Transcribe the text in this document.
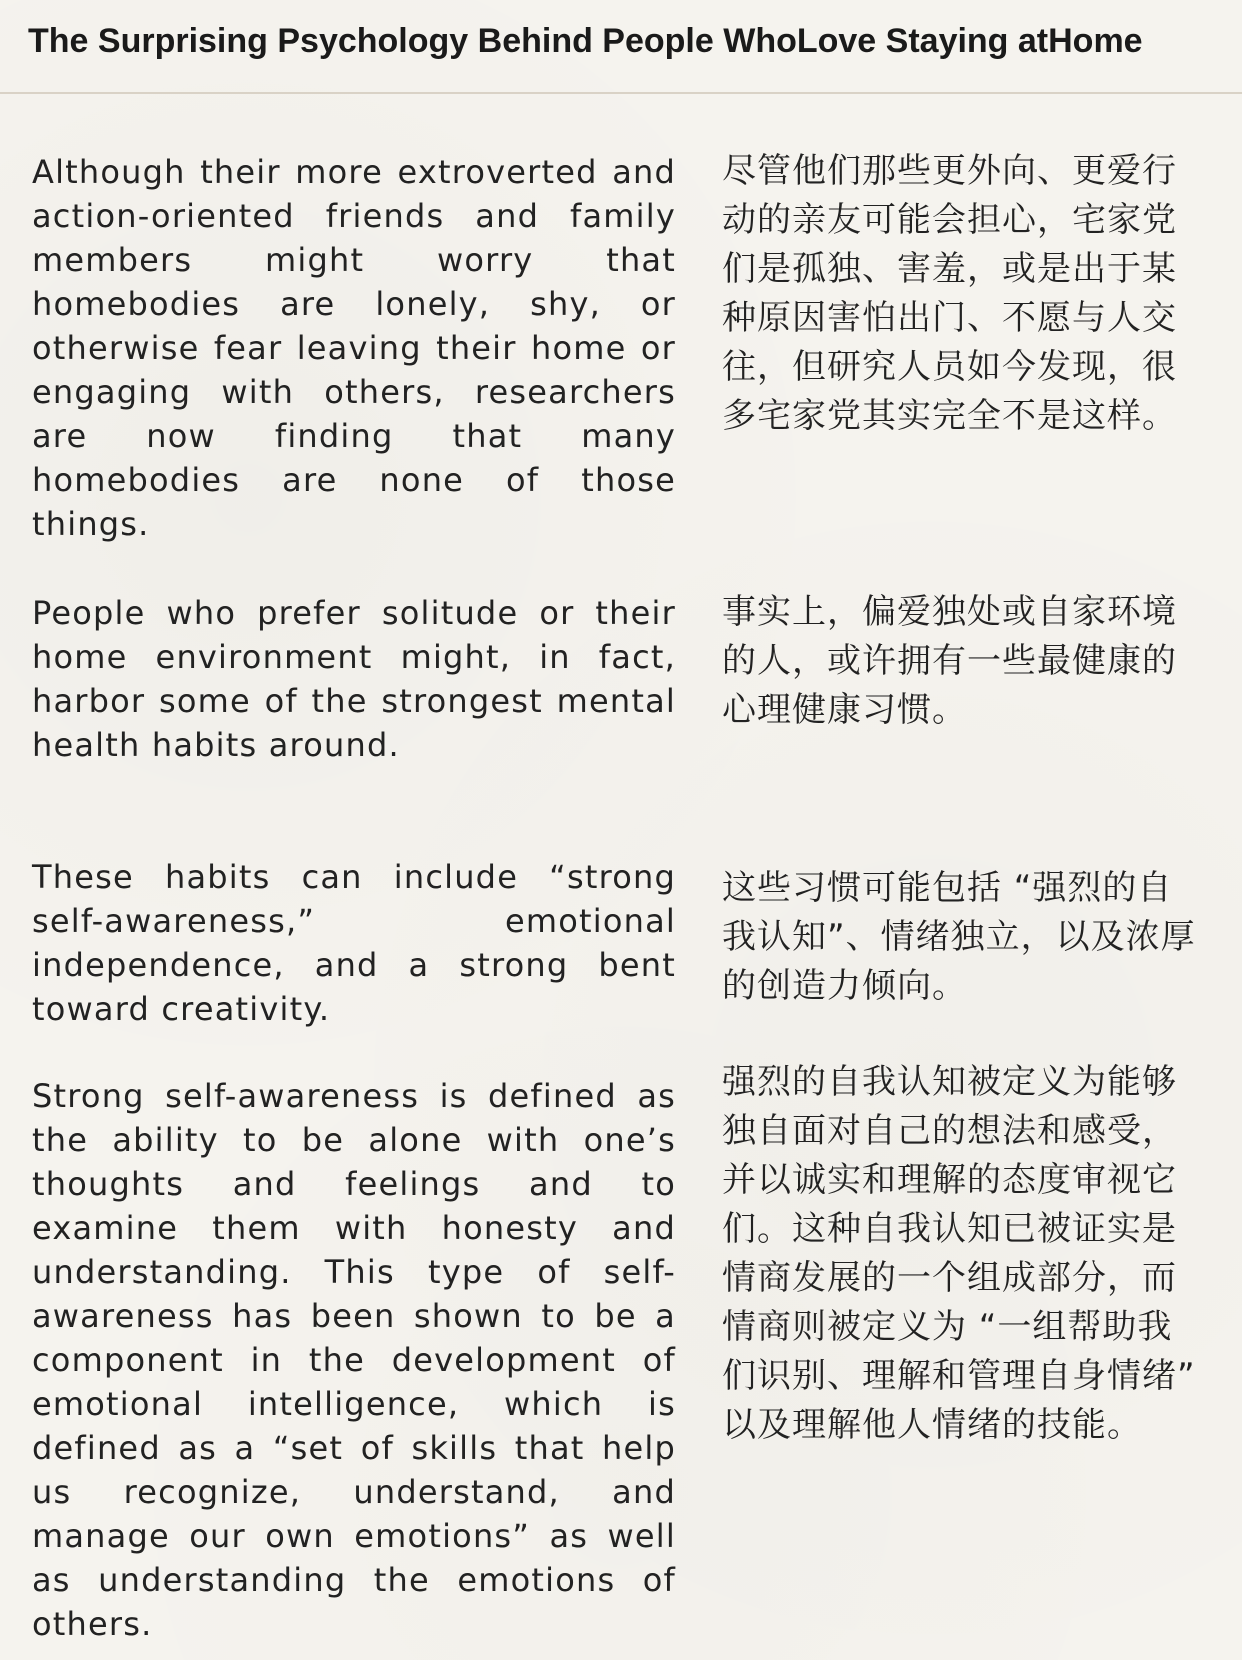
The Surprising Psychology Behind People WhoLove Staying atHome

Although their more extroverted and action-oriented friends and family members might worry that homebodies are lonely, shy, or otherwise fear leaving their home or engaging with others, researchers are now finding that many homebodies are none of those things.

尽管他们那些更外向、更爱行动的亲友可能会担心，宅家党们是孤独、害羞，或是出于某种原因害怕出门、不愿与人交往，但研究人员如今发现，很多宅家党其实完全不是这样。

People who prefer solitude or their home environment might, in fact, harbor some of the strongest mental health habits around.

事实上，偏爱独处或自家环境的人，或许拥有一些最健康的心理健康习惯。

These habits can include “strong self-awareness,” emotional independence, and a strong bent toward creativity.

这些习惯可能包括 “强烈的自我认知”、情绪独立，以及浓厚的创造力倾向。

Strong self-awareness is defined as the ability to be alone with one’s thoughts and feelings and to examine them with honesty and understanding. This type of self-awareness has been shown to be a component in the development of emotional intelligence, which is defined as a “set of skills that help us recognize, understand, and manage our own emotions” as well as understanding the emotions of others.

强烈的自我认知被定义为能够独自面对自己的想法和感受，并以诚实和理解的态度审视它们。这种自我认知已被证实是情商发展的一个组成部分，而情商则被定义为 “一组帮助我们识别、理解和管理自身情绪” 以及理解他人情绪的技能。
